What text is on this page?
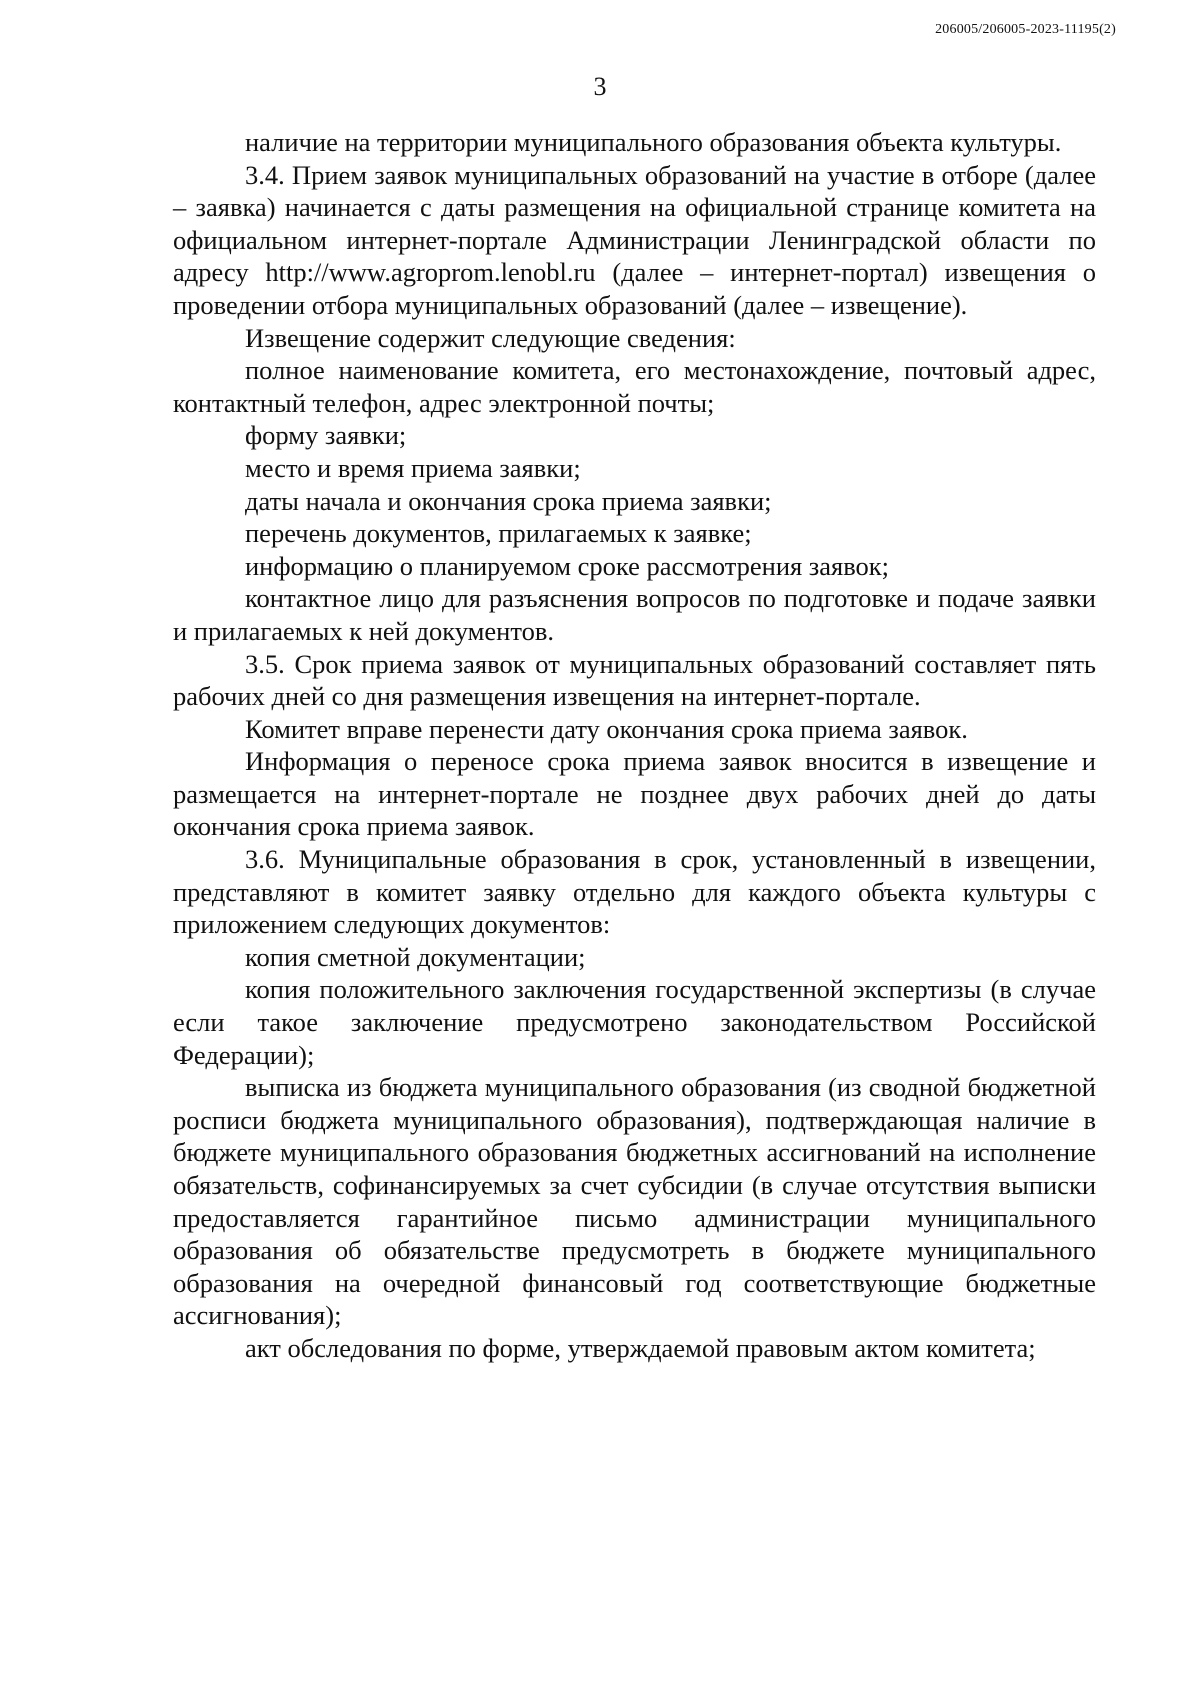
206005/206005-2023-11195(2)
3

наличие на территории муниципального образования объекта культуры.

3.4. Прием заявок муниципальных образований на участие в отборе (далее – заявка) начинается с даты размещения на официальной странице комитета на официальном интернет-портале Администрации Ленинградской области по адресу http://www.agroprom.lenobl.ru (далее – интернет-портал) извещения о проведении отбора муниципальных образований (далее – извещение).

Извещение содержит следующие сведения:

полное наименование комитета, его местонахождение, почтовый адрес, контактный телефон, адрес электронной почты;

форму заявки;

место и время приема заявки;

даты начала и окончания срока приема заявки;

перечень документов, прилагаемых к заявке;

информацию о планируемом сроке рассмотрения заявок;

контактное лицо для разъяснения вопросов по подготовке и подаче заявки и прилагаемых к ней документов.

3.5. Срок приема заявок от муниципальных образований составляет пять рабочих дней со дня размещения извещения на интернет-портале.

Комитет вправе перенести дату окончания срока приема заявок.

Информация о переносе срока приема заявок вносится в извещение и размещается на интернет-портале не позднее двух рабочих дней до даты окончания срока приема заявок.

3.6. Муниципальные образования в срок, установленный в извещении, представляют в комитет заявку отдельно для каждого объекта культуры с приложением следующих документов:

копия сметной документации;

копия положительного заключения государственной экспертизы (в случае если такое заключение предусмотрено законодательством Российской Федерации);

выписка из бюджета муниципального образования (из сводной бюджетной росписи бюджета муниципального образования), подтверждающая наличие в бюджете муниципального образования бюджетных ассигнований на исполнение обязательств, софинансируемых за счет субсидии (в случае отсутствия выписки предоставляется гарантийное письмо администрации муниципального образования об обязательстве предусмотреть в бюджете муниципального образования на очередной финансовый год соответствующие бюджетные ассигнования);

акт обследования по форме, утверждаемой правовым актом комитета;
